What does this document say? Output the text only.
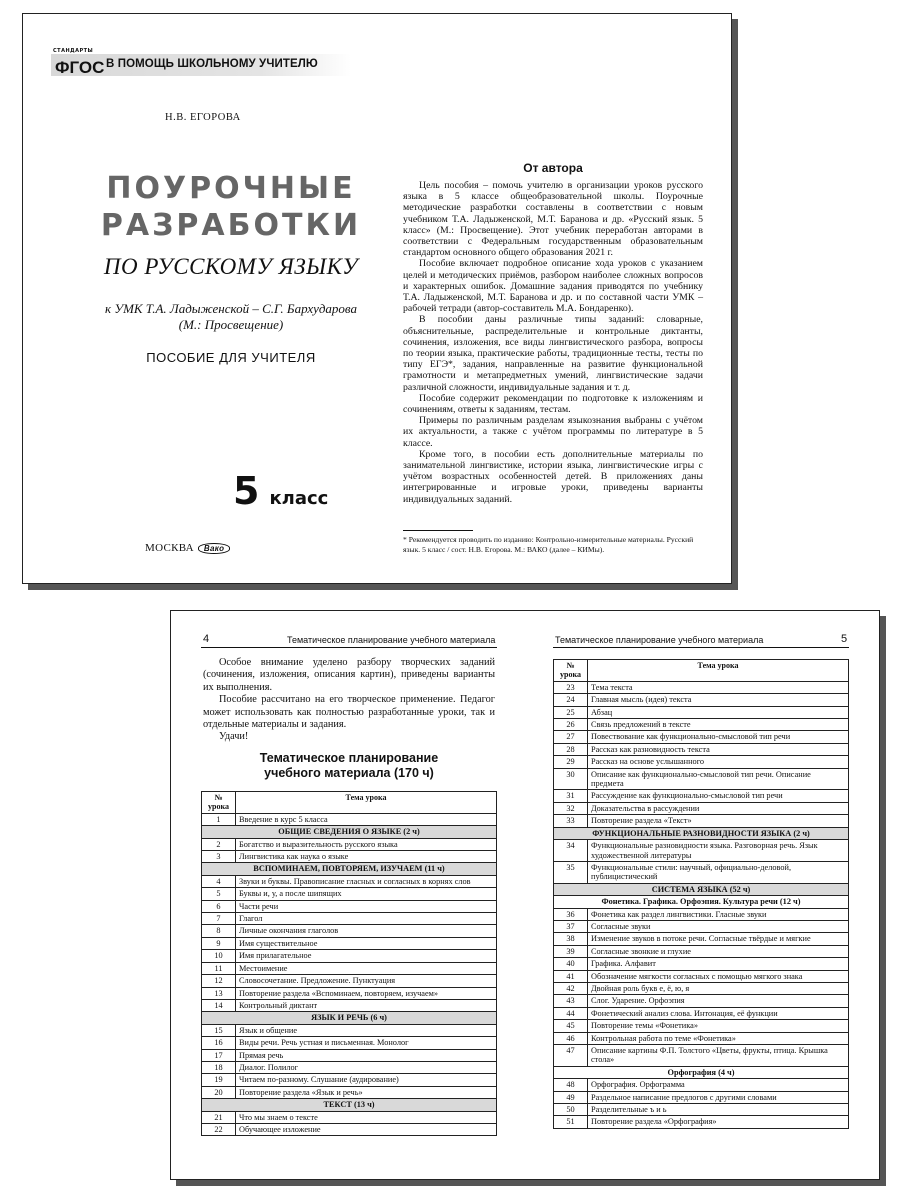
СТАНДАРТЫ
ФГОС В ПОМОЩЬ ШКОЛЬНОМУ УЧИТЕЛЮ
Н.В. ЕГОРОВА
ПОУРОЧНЫЕ
РАЗРАБОТКИ
ПО РУССКОМУ ЯЗЫКУ
к УМК Т.А. Ладыженской – С.Г. Бархударова
(М.: Просвещение)
ПОСОБИЕ ДЛЯ УЧИТЕЛЯ
5 класс
МОСКВА Вако
От автора

Цель пособия – помочь учителю в организации уроков русского языка в 5 классе общеобразовательной школы. Поурочные методические разработки составлены в соответствии с новым учебником Т.А. Ладыженской, М.Т. Баранова и др. «Русский язык. 5 класс» (М.: Просвещение). Этот учебник переработан авторами в соответствии с Федеральным государственным образовательным стандартом основного общего образования 2021 г.

Пособие включает подробное описание хода уроков с указанием целей и методических приёмов, разбором наиболее сложных вопросов и характерных ошибок. Домашние задания приводятся по учебнику Т.А. Ладыженской, М.Т. Баранова и др. и по составной части УМК – рабочей тетради (автор-составитель М.А. Бондаренко).

В пособии даны различные типы заданий: словарные, объяснительные, распределительные и контрольные диктанты, сочинения, изложения, все виды лингвистического разбора, вопросы по теории языка, практические работы, традиционные тесты, тесты по типу ЕГЭ*, задания, направленные на развитие функциональной грамотности и метапредметных умений, лингвистические задачи различной сложности, индивидуальные задания и т. д.

Пособие содержит рекомендации по подготовке к изложениям и сочинениям, ответы к заданиям, тестам.

Примеры по различным разделам языкознания выбраны с учётом их актуальности, а также с учётом программы по литературе в 5 классе.

Кроме того, в пособии есть дополнительные материалы по занимательной лингвистике, истории языка, лингвистические игры с учётом возрастных особенностей детей. В приложениях даны интегрированные и игровые уроки, приведены варианты индивидуальных заданий.

* Рекомендуется проводить по изданию: Контрольно-измерительные материалы. Русский язык. 5 класс / сост. Н.В. Егорова. М.: ВАКО (далее – КИМы).
4	Тематическое планирование учебного материала	Тематическое планирование учебного материала	5

Особое внимание уделено разбору творческих заданий (сочинения, изложения, описания картин), приведены варианты их выполнения.

Пособие рассчитано на его творческое применение. Педагог может использовать как полностью разработанные уроки, так и отдельные материалы и задания.

Удачи!

Тематическое планирование
учебного материала (170 ч)
№ урока	Тема урока
1	Введение в курс 5 класса
ОБЩИЕ СВЕДЕНИЯ О ЯЗЫКЕ (2 ч)	
2	Богатство и выразительность русского языка
3	Лингвистика как наука о языке
ВСПОМИНАЕМ, ПОВТОРЯЕМ, ИЗУЧАЕМ (11 ч)	
4	Звуки и буквы. Правописание гласных и согласных в корнях слов
5	Буквы и, у, а после шипящих
6	Части речи
7	Глагол
8	Личные окончания глаголов
9	Имя существительное
10	Имя прилагательное
11	Местоимение
12	Словосочетание. Предложение. Пунктуация
13	Повторение раздела «Вспоминаем, повторяем, изучаем»
14	Контрольный диктант
ЯЗЫК И РЕЧЬ (6 ч)	
15	Язык и общение
16	Виды речи. Речь устная и письменная. Монолог
17	Прямая речь
18	Диалог. Полилог
19	Читаем по-разному. Слушание (аудирование)
20	Повторение раздела «Язык и речь»
ТЕКСТ (13 ч)	
21	Что мы знаем о тексте
22	Обучающее изложение
№ урока	Тема урока
23	Тема текста
24	Главная мысль (идея) текста
25	Абзац
26	Связь предложений в тексте
27	Повествование как функционально-смысловой тип речи
28	Рассказ как разновидность текста
29	Рассказ на основе услышанного
30	Описание как функционально-смысловой тип речи. Описание предмета
31	Рассуждение как функционально-смысловой тип речи
32	Доказательства в рассуждении
33	Повторение раздела «Текст»
ФУНКЦИОНАЛЬНЫЕ РАЗНОВИДНОСТИ ЯЗЫКА (2 ч)	
34	Функциональные разновидности языка. Разговорная речь. Язык художественной литературы
35	Функциональные стили: научный, официально-деловой, публицистический
СИСТЕМА ЯЗЫКА (52 ч)	
Фонетика. Графика. Орфоэпия. Культура речи (12 ч)	
36	Фонетика как раздел лингвистики. Гласные звуки
37	Согласные звуки
38	Изменение звуков в потоке речи. Согласные твёрдые и мягкие
39	Согласные звонкие и глухие
40	Графика. Алфавит
41	Обозначение мягкости согласных с помощью мягкого знака
42	Двойная роль букв е, ё, ю, я
43	Слог. Ударение. Орфоэпия
44	Фонетический анализ слова. Интонация, её функции
45	Повторение темы «Фонетика»
46	Контрольная работа по теме «Фонетика»
47	Описание картины Ф.П. Толстого «Цветы, фрукты, птица. Крышка стола»
Орфография (4 ч)	
48	Орфография. Орфограмма
49	Раздельное написание предлогов с другими словами
50	Разделительные ъ и ь
51	Повторение раздела «Орфография»
